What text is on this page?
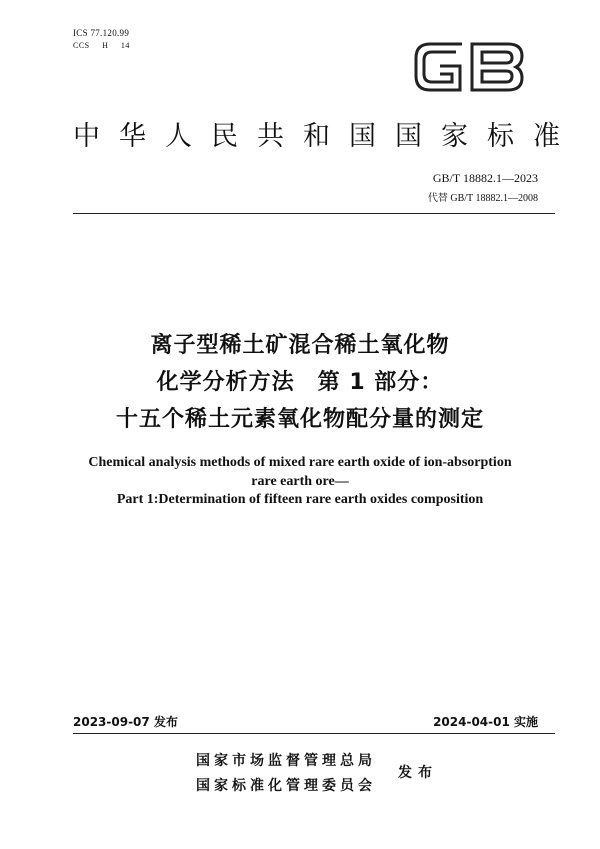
ICS 77.120.99
CCS H 14
中华人民共和国国家标准
GB/T 18882.1—2023
代替 GB/T 18882.1—2008
离子型稀土矿混合稀土氧化物
化学分析方法　第 1 部分：
十五个稀土元素氧化物配分量的测定
Chemical analysis methods of mixed rare earth oxide of ion-absorption
rare earth ore—
Part 1:Determination of fifteen rare earth oxides composition
2023-09-07 发布	2024-04-01 实施
国家市场监督管理总局
国家标准化管理委员会
发布
